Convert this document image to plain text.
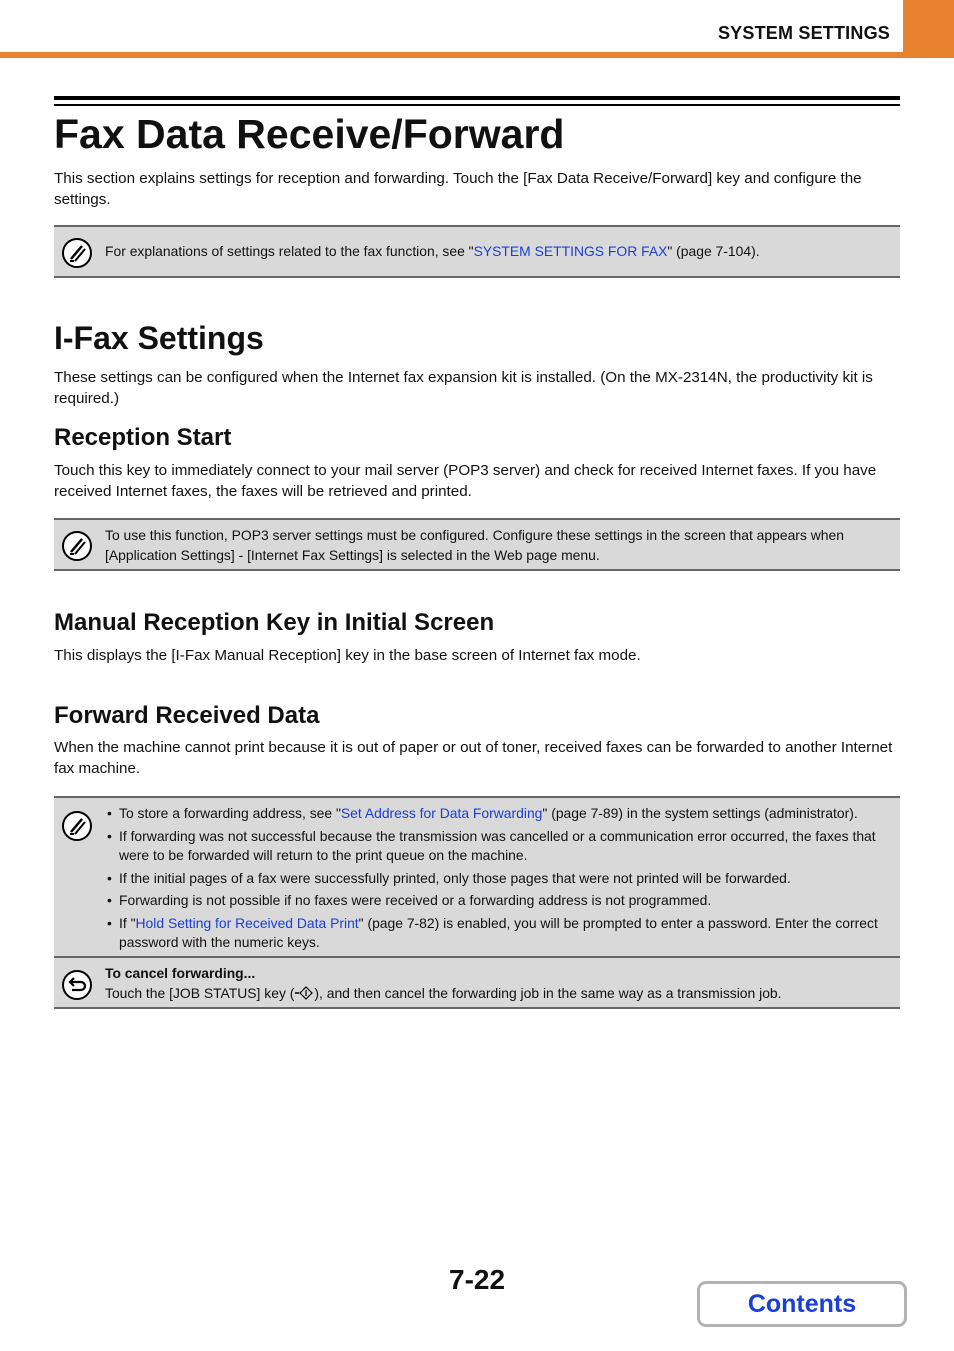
SYSTEM SETTINGS
Fax Data Receive/Forward
This section explains settings for reception and forwarding. Touch the [Fax Data Receive/Forward] key and configure the settings.
For explanations of settings related to the fax function, see "SYSTEM SETTINGS FOR FAX" (page 7-104).
I-Fax Settings
These settings can be configured when the Internet fax expansion kit is installed. (On the MX-2314N, the productivity kit is required.)
Reception Start
Touch this key to immediately connect to your mail server (POP3 server) and check for received Internet faxes. If you have received Internet faxes, the faxes will be retrieved and printed.
To use this function, POP3 server settings must be configured. Configure these settings in the screen that appears when [Application Settings] - [Internet Fax Settings] is selected in the Web page menu.
Manual Reception Key in Initial Screen
This displays the [I-Fax Manual Reception] key in the base screen of Internet fax mode.
Forward Received Data
When the machine cannot print because it is out of paper or out of toner, received faxes can be forwarded to another Internet fax machine.
• To store a forwarding address, see "Set Address for Data Forwarding" (page 7-89) in the system settings (administrator).
• If forwarding was not successful because the transmission was cancelled or a communication error occurred, the faxes that were to be forwarded will return to the print queue on the machine.
• If the initial pages of a fax were successfully printed, only those pages that were not printed will be forwarded.
• Forwarding is not possible if no faxes were received or a forwarding address is not programmed.
• If "Hold Setting for Received Data Print" (page 7-82) is enabled, you will be prompted to enter a password. Enter the correct password with the numeric keys.
To cancel forwarding...
Touch the [JOB STATUS] key ( ), and then cancel the forwarding job in the same way as a transmission job.
7-22
Contents
